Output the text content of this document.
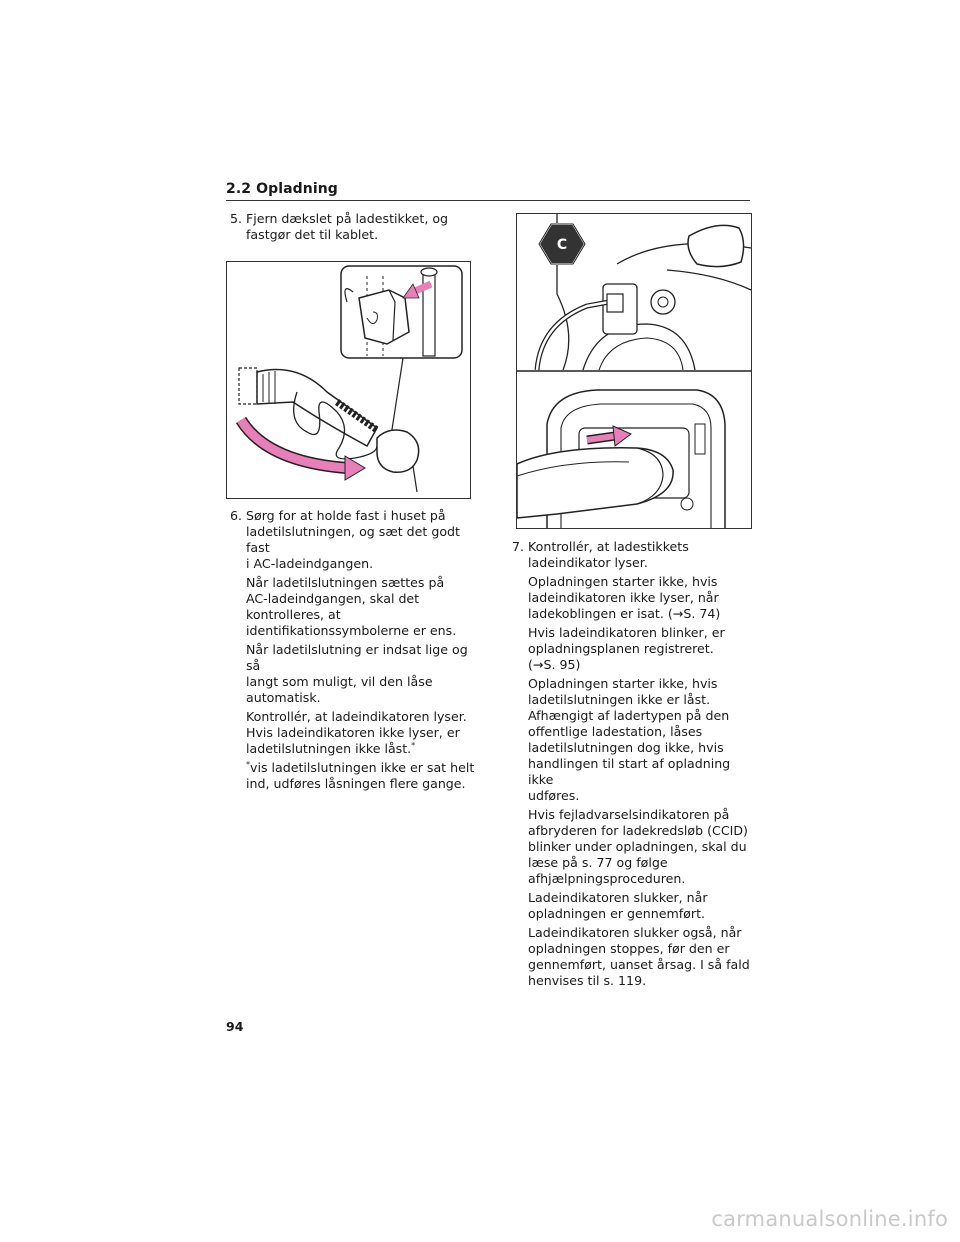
2.2 Opladning
5. Fjern dækslet på ladestikket, og
fastgør det til kablet.

6. Sørg for at holde fast i huset på
ladetilslutningen, og sæt det godt fast
i AC-ladeindgangen.

Når ladetilslutningen sættes på
AC-ladeindgangen, skal det
kontrolleres, at
identifikationssymbolerne er ens.

Når ladetilslutning er indsat lige og så
langt som muligt, vil den låse
automatisk.

Kontrollér, at ladeindikatoren lyser.
Hvis ladeindikatoren ikke lyser, er
ladetilslutningen ikke låst.*

*vis ladetilslutningen ikke er sat helt
ind, udføres låsningen flere gange.

C
7. Kontrollér, at ladestikkets
ladeindikator lyser.

Opladningen starter ikke, hvis
ladeindikatoren ikke lyser, når
ladekoblingen er isat. (→S. 74)

Hvis ladeindikatoren blinker, er
opladningsplanen registreret.
(→S. 95)

Opladningen starter ikke, hvis
ladetilslutningen ikke er låst.
Afhængigt af ladertypen på den
offentlige ladestation, låses
ladetilslutningen dog ikke, hvis
handlingen til start af opladning ikke
udføres.

Hvis fejladvarselsindikatoren på
afbryderen for ladekredsløb (CCID)
blinker under opladningen, skal du
læse på s. 77 og følge
afhjælpningsproceduren.

Ladeindikatoren slukker, når
opladningen er gennemført.

Ladeindikatoren slukker også, når
opladningen stoppes, før den er
gennemført, uanset årsag. I så fald
henvises til s. 119.

94
carmanualsonline.info
